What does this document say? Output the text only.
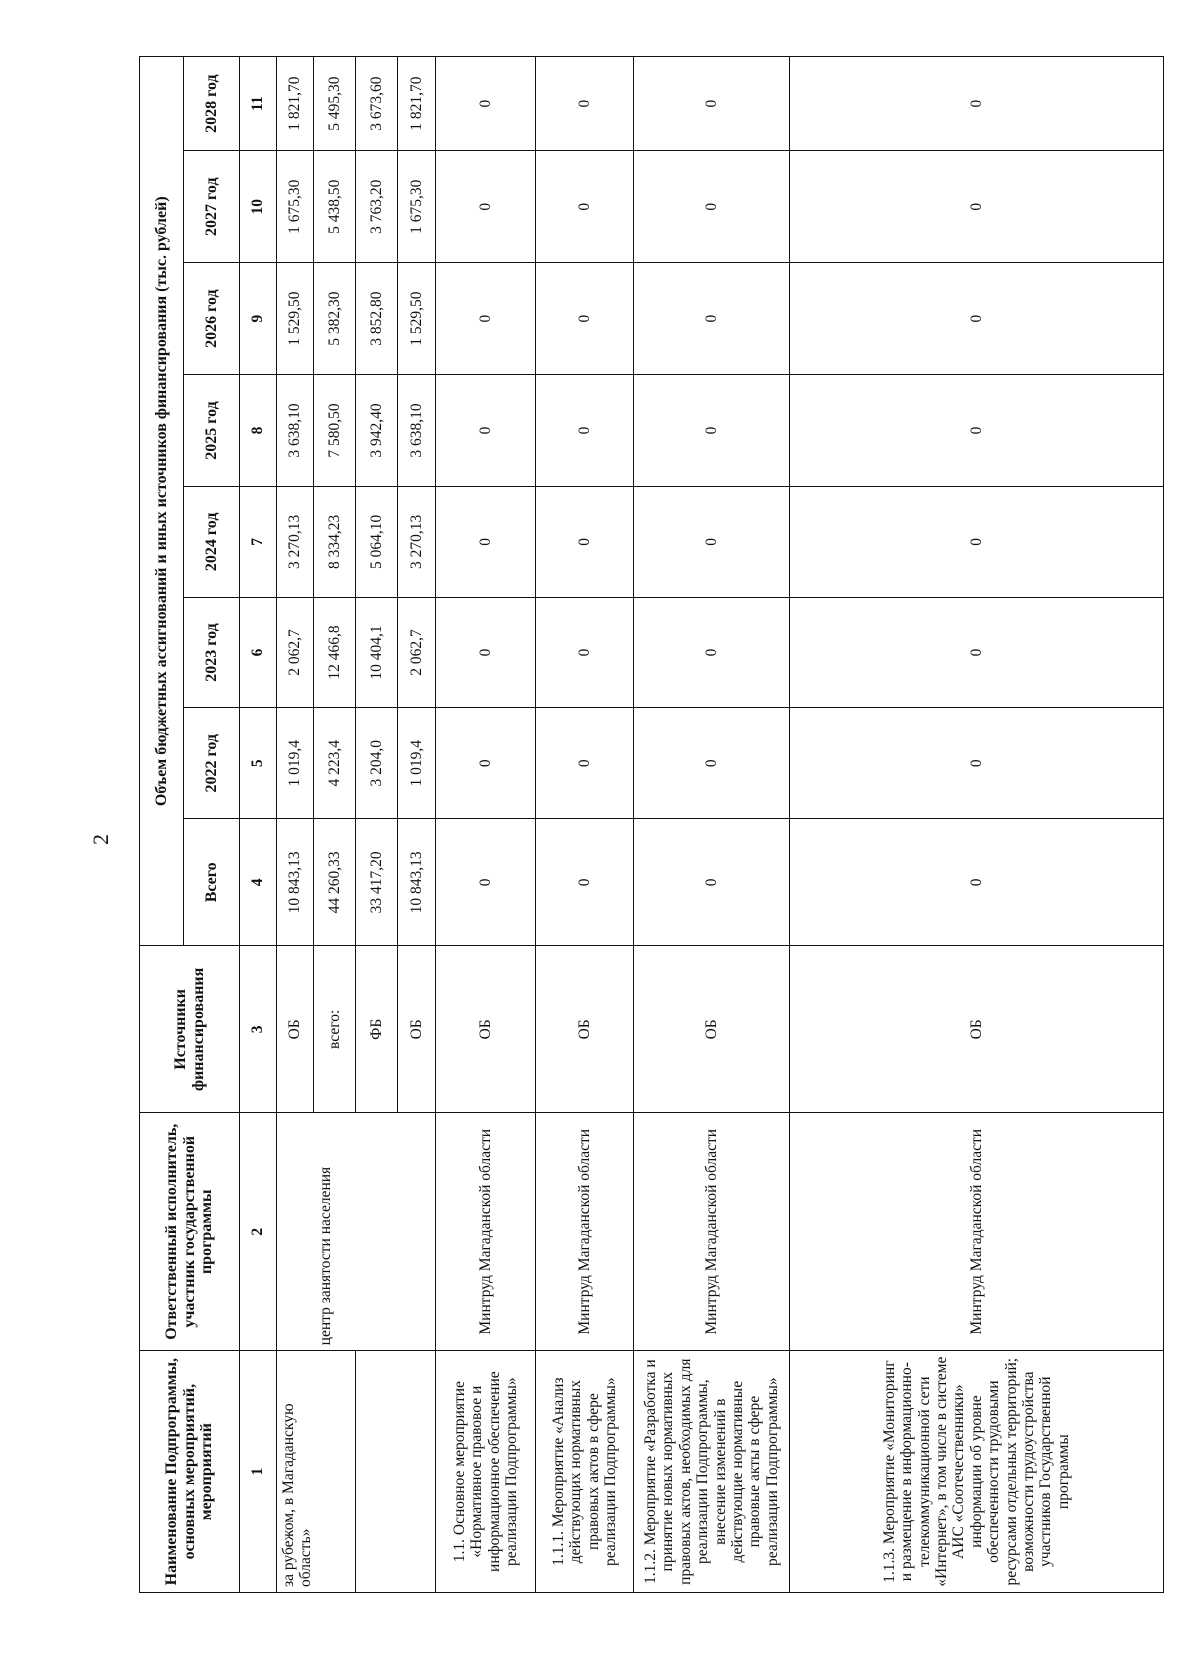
2
Наименование Подпрограммы, основных мероприятий, мероприятий	Ответственный исполнитель, участник государственной программы	Источники финансирования	Объем бюджетных ассигнований и иных источников финансирования (тыс. рублей)							
			Всего	2022 год	2023 год	2024 год	2025 год	2026 год	2027 год	2028 год
1	2	3	4	5	6	7	8	9	10	11
за рубежом, в Магаданскую область»		ОБ	10 843,13	1 019,4	2 062,7	3 270,13	3 638,10	1 529,50	1 675,30	1 821,70
	центр занятости населения	всего:	44 260,33	4 223,4	12 466,8	8 334,23	7 580,50	5 382,30	5 438,50	5 495,30
		ФБ	33 417,20	3 204,0	10 404,1	5 064,10	3 942,40	3 852,80	3 763,20	3 673,60
		ОБ	10 843,13	1 019,4	2 062,7	3 270,13	3 638,10	1 529,50	1 675,30	1 821,70
1.1. Основное мероприятие «Нормативное правовое и информационное обеспечение реализации Подпрограммы»	Минтруд Магаданской области	ОБ	0	0	0	0	0	0	0	0
1.1.1. Мероприятие «Анализ действующих нормативных правовых актов в сфере реализации Подпрограммы»	Минтруд Магаданской области	ОБ	0	0	0	0	0	0	0	0
1.1.2. Мероприятие «Разработка и принятие новых нормативных правовых актов, необходимых для реализации Подпрограммы, внесение изменений в действующие нормативные правовые акты в сфере реализации Подпрограммы»	Минтруд Магаданской области	ОБ	0	0	0	0	0	0	0	0
1.1.3. Мероприятие «Мониторинг и размещение в информационно-телекоммуникационной сети «Интернет», в том числе в системе АИС «Соотечественники» информации об уровне обеспеченности трудовыми ресурсами отдельных территорий; возможности трудоустройства участников Государственной программы	Минтруд Магаданской области	ОБ	0	0	0	0	0	0	0	0
